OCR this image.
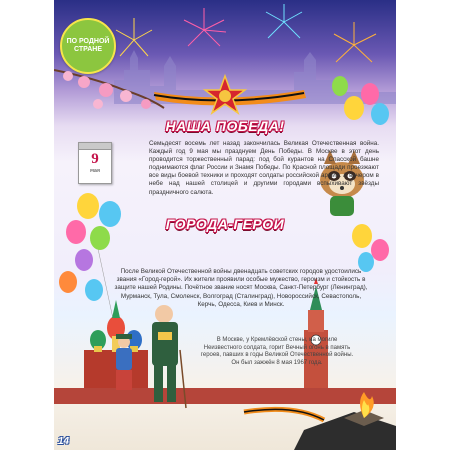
ПО РОДНОЙ
СТРАНЕ
9
мая
НАША ПОБЕДА!
Семьдесят восемь лет назад закончилась Великая Отечественная война. Каждый год 9 мая мы празднуем День Победы. В Москве в этот день проводится торжественный парад: под бой курантов на Спасской башне поднимаются флаг России и Знамя Победы. По Красной площади проезжают все виды боевой техники и проходят солдаты российской армии. А вечером в небе над нашей столицей и другими городами вспыхивают звёзды праздничного салюта.
ГОРОДА-ГЕРОИ
После Великой Отечественной войны двенадцать советских городов удостоились звания «Город-герой». Их жители проявили особые мужество, героизм и стойкость в защите нашей Родины. Почётное звание носят Москва, Санкт-Петербург (Ленинград), Мурманск, Тула, Смоленск, Волгоград (Сталинград), Новороссийск, Севастополь, Керчь, Одесса, Киев и Минск.
В Москве, у Кремлёвской стены, на могиле Неизвестного солдата, горит Вечный огонь в память героев, павших в годы Великой Отечественной войны. Он был зажжён 8 мая 1967 года.
14
